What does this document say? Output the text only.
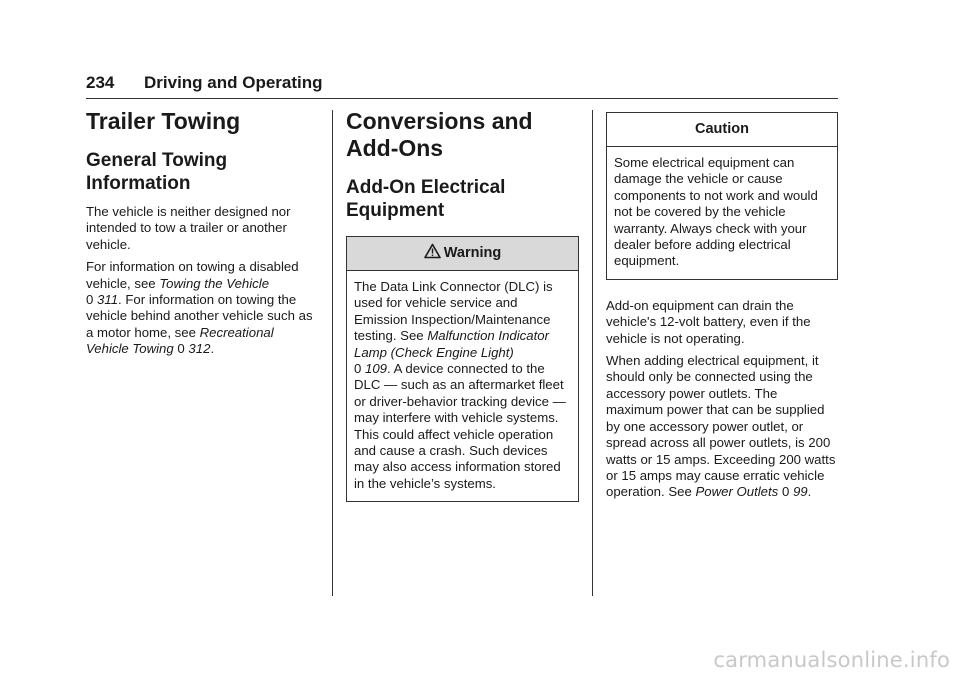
234 Driving and Operating
Trailer Towing
General Towing Information

The vehicle is neither designed nor intended to tow a trailer or another vehicle.

For information on towing a disabled vehicle, see Towing the Vehicle
0 311. For information on towing the vehicle behind another vehicle such as a motor home, see Recreational Vehicle Towing 0 312.

Conversions and Add-Ons
Add-On Electrical Equipment
Warning

The Data Link Connector (DLC) is used for vehicle service and Emission Inspection/Maintenance testing. See Malfunction Indicator Lamp (Check Engine Light)
0 109. A device connected to the DLC — such as an aftermarket fleet or driver-behavior tracking device — may interfere with vehicle systems. This could affect vehicle operation and cause a crash. Such devices may also access information stored in the vehicle’s systems.

Caution

Some electrical equipment can damage the vehicle or cause components to not work and would not be covered by the vehicle warranty. Always check with your dealer before adding electrical equipment.

Add-on equipment can drain the vehicle's 12-volt battery, even if the vehicle is not operating.

When adding electrical equipment, it should only be connected using the accessory power outlets. The maximum power that can be supplied by one accessory power outlet, or spread across all power outlets, is 200 watts or 15 amps. Exceeding 200 watts or 15 amps may cause erratic vehicle operation. See Power Outlets 0 99.

carmanualsonline.info
